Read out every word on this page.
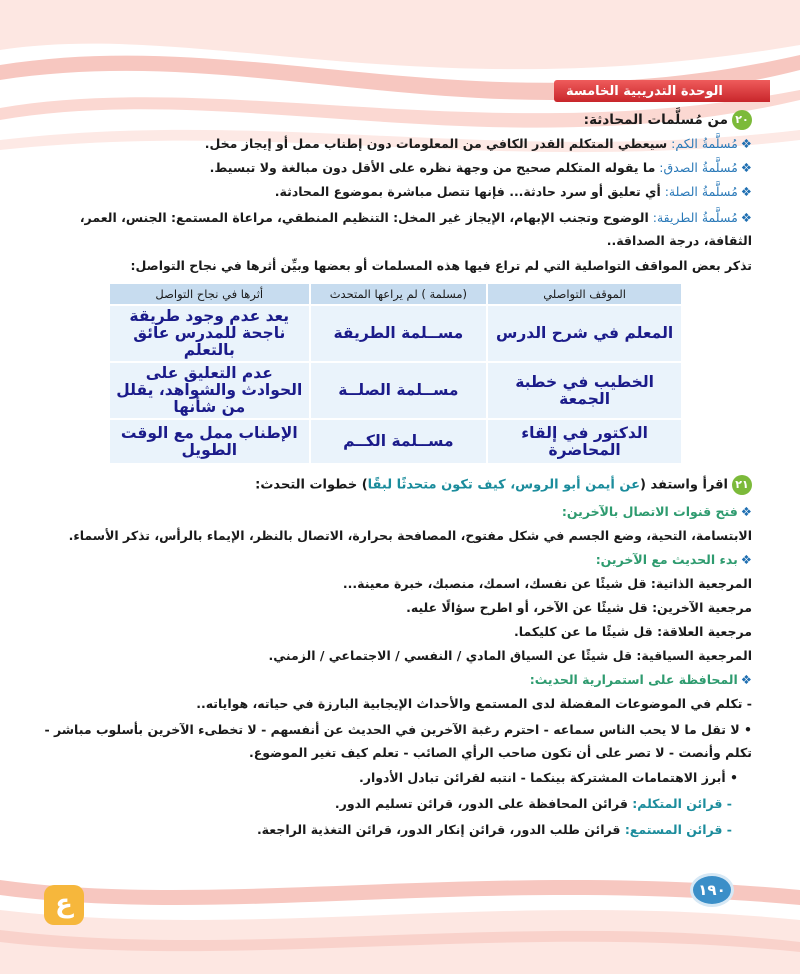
الوحدة التدريبية الخامسة
٢٠من مُسلَّمات المحادثة:
❖مُسلَّمةُ الكم: سيعطي المتكلم القدر الكافي من المعلومات دون إطناب ممل أو إيجاز مخل.
❖مُسلَّمةُ الصدق: ما يقوله المتكلم صحيح من وجهة نظره على الأقل دون مبالغة ولا تبسيط.
❖مُسلَّمةُ الصلة: أي تعليق أو سرد حادثة... فإنها تتصل مباشرة بموضوع المحادثة.
❖مُسلَّمةُ الطريقة: الوضوح وتجنب الإبهام، الإيجاز غير المخل: التنظيم المنطقي، مراعاة المستمع: الجنس، العمر، الثقافة، درجة الصداقة..
تذكر بعض المواقف التواصلية التي لم تراع فيها هذه المسلمات أو بعضها وبيِّن أثرها في نجاح التواصل:
الموقف التواصلي	(مسلمة ) لم يراعها المتحدث	أثرها في نجاح التواصل
المعلم في شرح الدرس	مســلمة الطريقة	يعد عدم وجود طريقة ناجحة للمدرس عائق بالتعلم
الخطيب في خطبة الجمعة	مســلمة الصلــة	عدم التعليق على الحوادث والشواهد، يقلل من شأنها
الدكتور في إلقاء المحاضرة	مســلمة الكــم	الإطناب ممل مع الوقت الطويل
٢١اقرأ واستفد (عن أيمن أبو الروس، كيف تكون متحدثًا لبقًا) خطوات التحدث:
❖فتح قنوات الاتصال بالآخرين:
الابتسامة، التحية، وضع الجسم في شكل مفتوح، المصافحة بحرارة، الاتصال بالنظر، الإيماء بالرأس، تذكر الأسماء.
❖بدء الحديث مع الآخرين:
المرجعية الذاتية: قل شيئًا عن نفسك، اسمك، منصبك، خبرة معينة...
مرجعية الآخرين: قل شيئًا عن الآخر، أو اطرح سؤالًا عليه.
مرجعية العلاقة: قل شيئًا ما عن كليكما.
المرجعية السياقية: قل شيئًا عن السياق المادي / النفسي / الاجتماعي / الزمني.
❖المحافظة على استمرارية الحديث:
- تكلم في الموضوعات المفضلة لدى المستمع والأحداث الإيجابية البارزة في حياته، هواياته..
• لا تقل ما لا يحب الناس سماعه - احترم رغبة الآخرين في الحديث عن أنفسهم - لا تخطىء الآخرين بأسلوب مباشر - تكلم وأنصت - لا تصر على أن تكون صاحب الرأي الصائب - تعلم كيف تغير الموضوع.
• أبرز الاهتمامات المشتركة بينكما - انتبه لقرائن تبادل الأدوار.
- قرائن المتكلم: قرائن المحافظة على الدور، قرائن تسليم الدور.
- قرائن المستمع: قرائن طلب الدور، قرائن إنكار الدور، قرائن التغذية الراجعة.
١٩٠
ع
